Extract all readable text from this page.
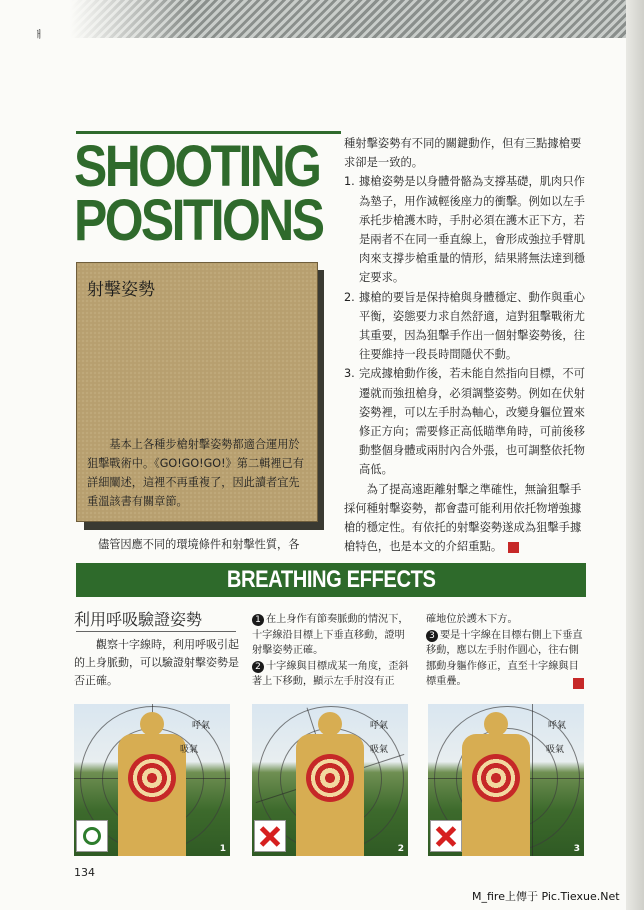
ㅐ
SHOOTING
POSITIONS
射擊姿勢
基本上各種步槍射擊姿勢都適合運用於狙擊戰術中。《GO!GO!GO!》第二輯裡已有詳細闡述，這裡不再重複了，因此讀者宜先重溫該書有關章節。
儘管因應不同的環境條件和射擊性質，各

種射擊姿勢有不同的關鍵動作，但有三點據槍要求卻是一致的。

1. 據槍姿勢是以身體骨骼為支撐基礎，肌肉只作為墊子，用作減輕後座力的衝擊。例如以左手承托步槍護木時，手肘必須在護木正下方，若是兩者不在同一垂直線上，會形成強拉手臂肌肉來支撐步槍重量的情形，結果將無法達到穩定要求。
2. 據槍的要旨是保持槍與身體穩定、動作與重心平衡，姿態要力求自然舒適，這對狙擊戰術尤其重要，因為狙擊手作出一個射擊姿勢後，往往要維持一段長時間隱伏不動。
3. 完成據槍動作後，若未能自然指向目標，不可遷就而強扭槍身，必須調整姿勢。例如在伏射姿勢裡，可以左手肘為軸心，改變身軀位置來修正方向；需要修正高低瞄準角時，可前後移動整個身體或兩肘內合外張，也可調整依托物高低。

為了提高遠距離射擊之準確性，無論狙擊手採何種射擊姿勢，都會盡可能利用依托物增強據槍的穩定性。有依托的射擊姿勢遂成為狙擊手據槍特色，也是本文的介紹重點。

BREATHING EFFECTS
利用呼吸驗證姿勢
觀察十字線時，利用呼吸引起的上身脈動，可以驗證射擊姿勢是否正確。

1 在上身作有節奏脈動的情況下，十字線沿目標上下垂直移動，證明射擊姿勢正確。

2 十字線與目標成某一角度，歪斜著上下移動，顯示左手肘沒有正

確地位於護木下方。

3 要是十字線在目標右側上下垂直移動，應以左手肘作圓心，往右側挪動身軀作修正，直至十字線與目標重疊。

呼氣
吸氣
1
呼氣
吸氣
2
呼氣
吸氣
3
134
M_fire上傳于 Pic.Tiexue.Net
